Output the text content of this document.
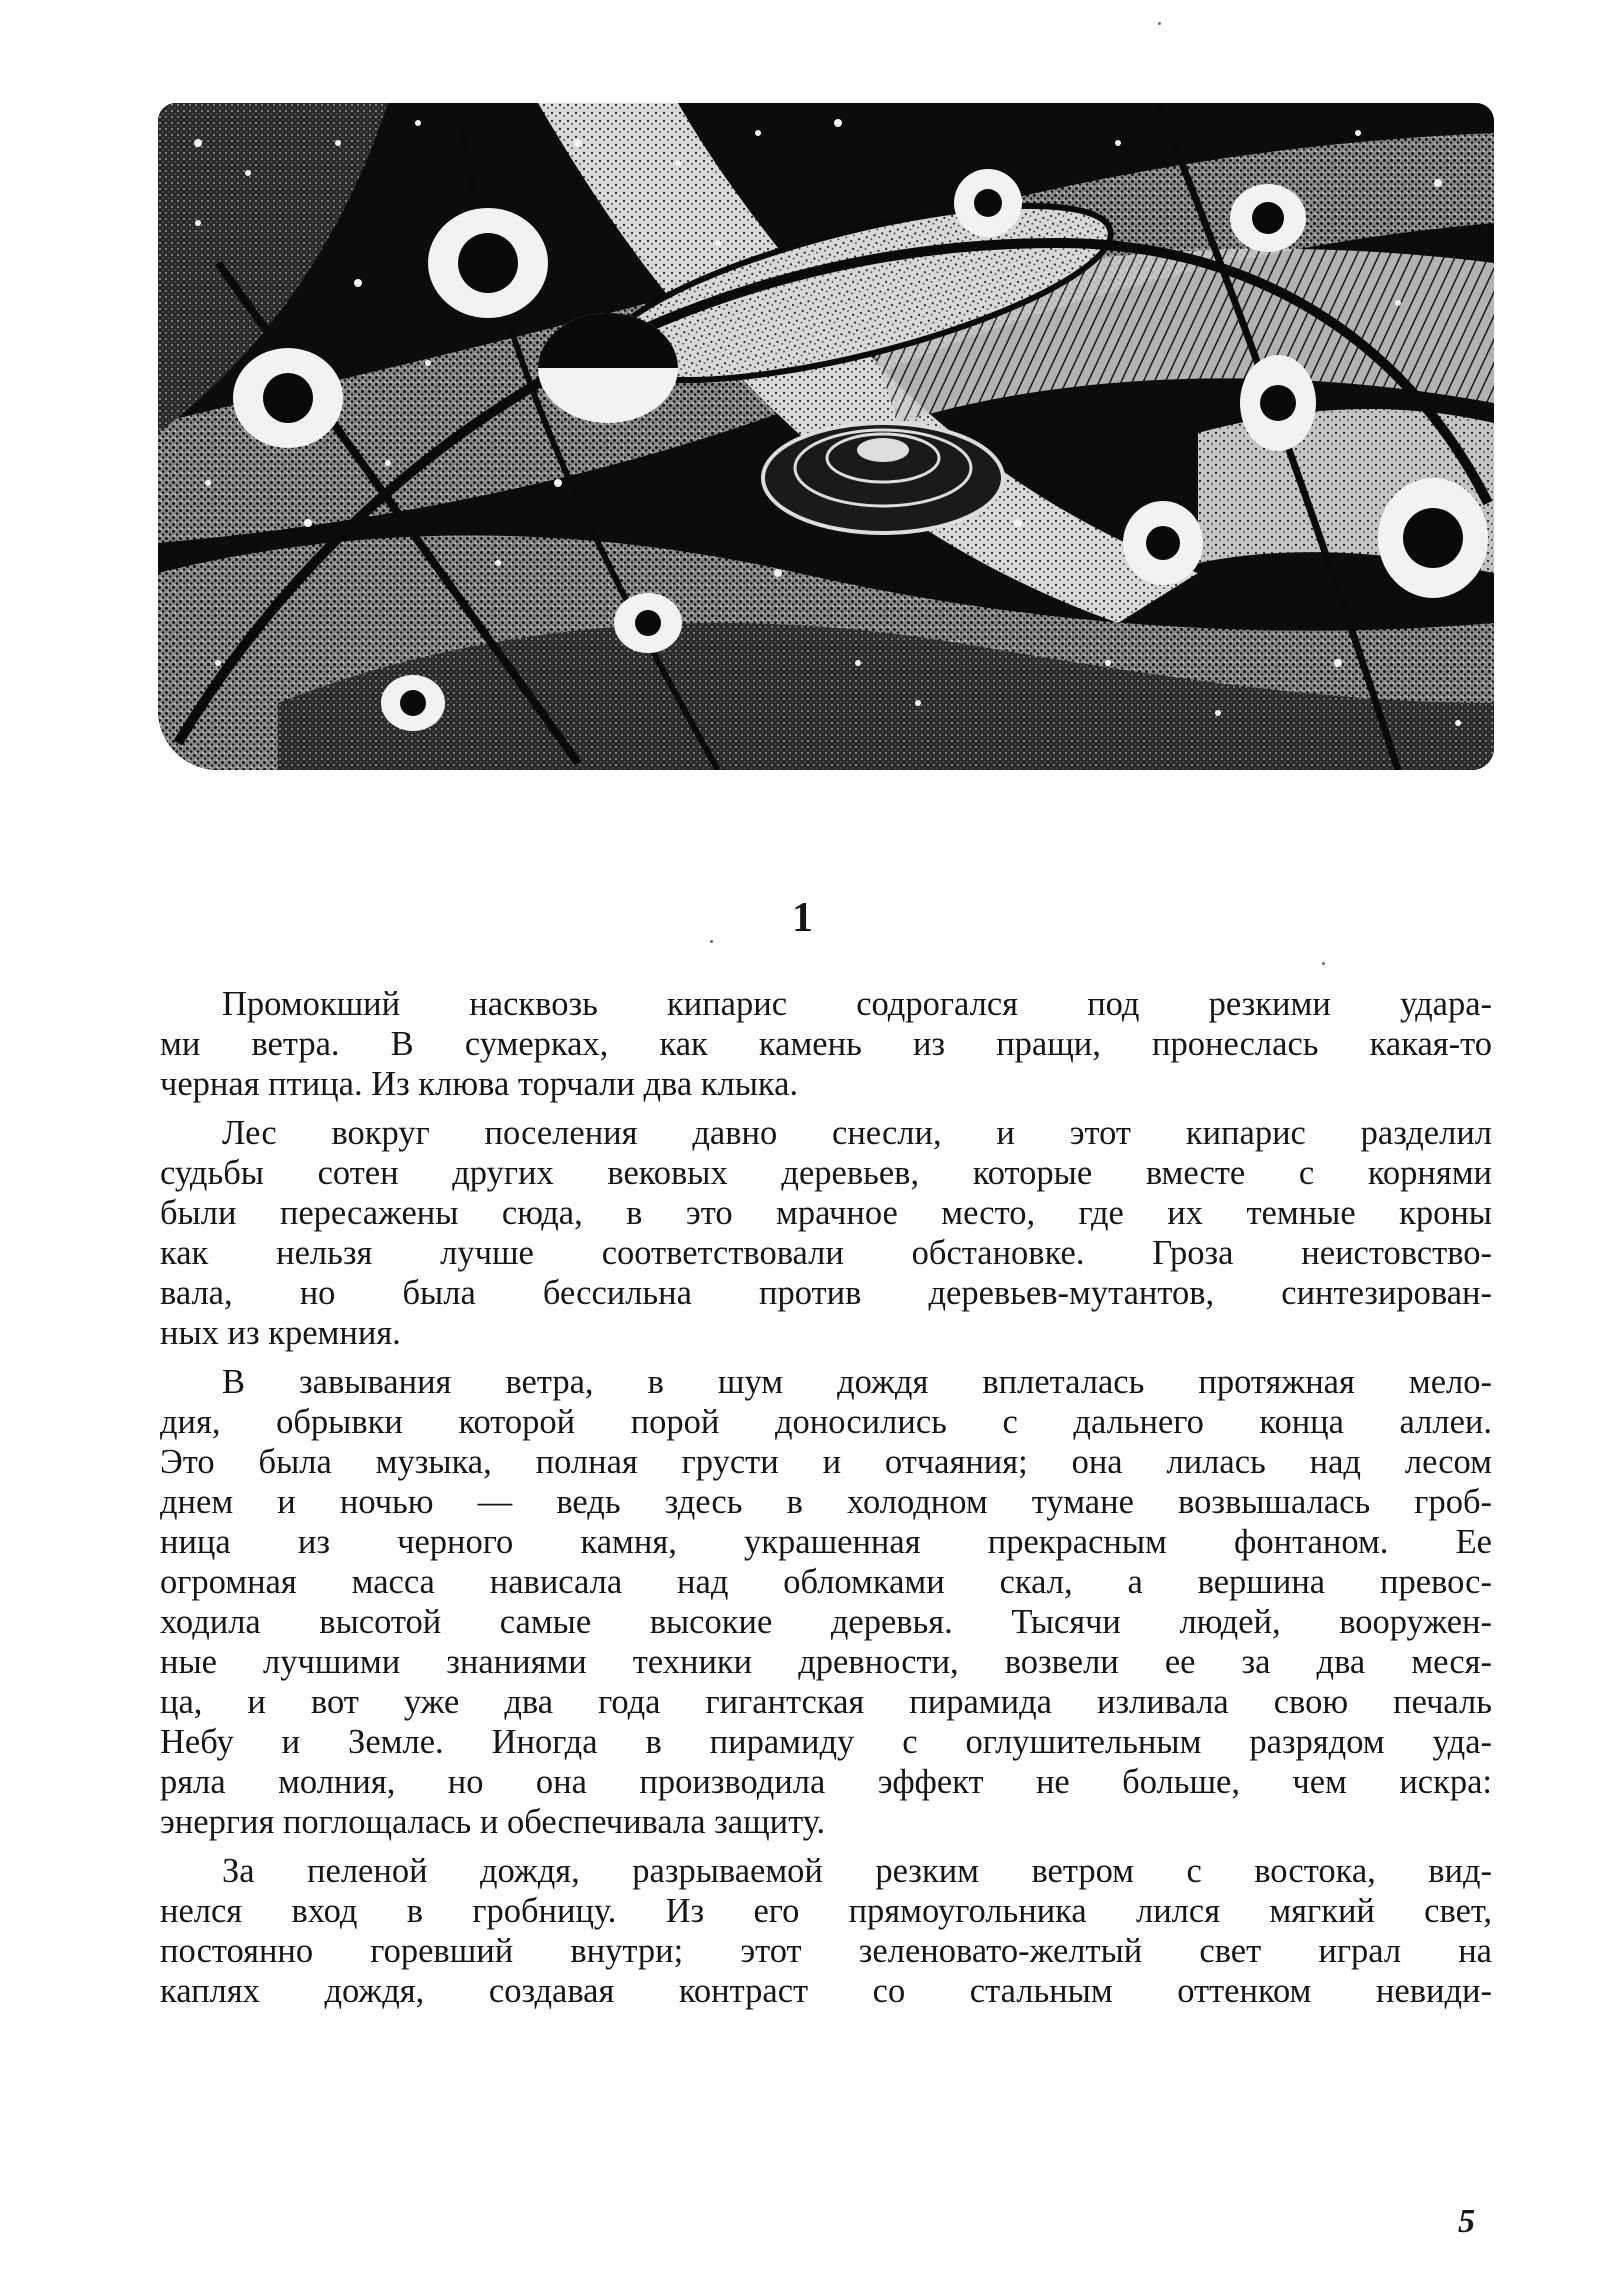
1
Промокший насквозь кипарис содрогался под резкими удара-
ми ветра. В сумерках, как камень из пращи, пронеслась какая-то
черная птица. Из клюва торчали два клыка.
Лес вокруг поселения давно снесли, и этот кипарис разделил
судьбы сотен других вековых деревьев, которые вместе с корнями
были пересажены сюда, в это мрачное место, где их темные кроны
как нельзя лучше соответствовали обстановке. Гроза неистовство-
вала, но была бессильна против деревьев-мутантов, синтезирован-
ных из кремния.
В завывания ветра, в шум дождя вплеталась протяжная мело-
дия, обрывки которой порой доносились с дальнего конца аллеи.
Это была музыка, полная грусти и отчаяния; она лилась над лесом
днем и ночью — ведь здесь в холодном тумане возвышалась гроб-
ница из черного камня, украшенная прекрасным фонтаном. Ее
огромная масса нависала над обломками скал, а вершина превос-
ходила высотой самые высокие деревья. Тысячи людей, вооружен-
ные лучшими знаниями техники древности, возвели ее за два меся-
ца, и вот уже два года гигантская пирамида изливала свою печаль
Небу и Земле. Иногда в пирамиду с оглушительным разрядом уда-
ряла молния, но она производила эффект не больше, чем искра:
энергия поглощалась и обеспечивала защиту.
За пеленой дождя, разрываемой резким ветром с востока, вид-
нелся вход в гробницу. Из его прямоугольника лился мягкий свет,
постоянно горевший внутри; этот зеленовато-желтый свет играл на
каплях дождя, создавая контраст со стальным оттенком невиди-
5
